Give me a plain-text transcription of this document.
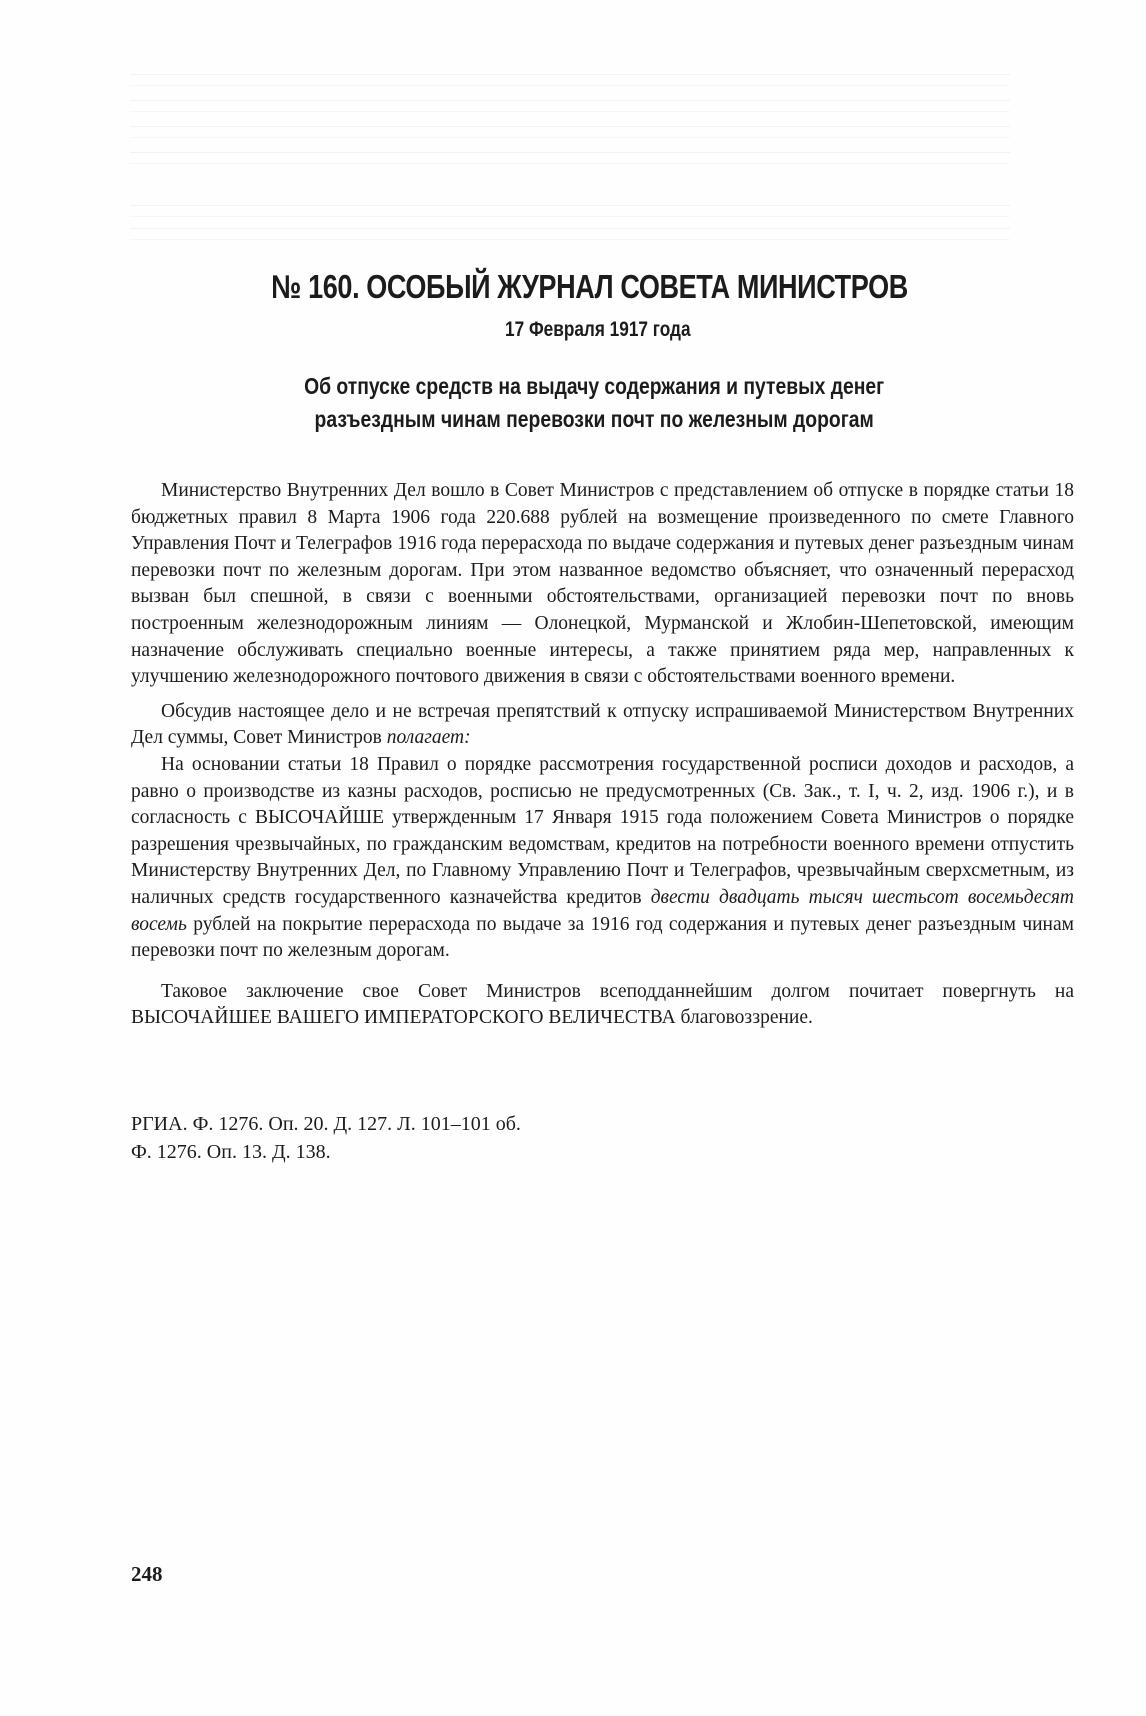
№ 160. ОСОБЫЙ ЖУРНАЛ СОВЕТА МИНИСТРОВ
17 Февраля 1917 года
Об отпуске средств на выдачу содержания и путевых денег
разъездным чинам перевозки почт по железным дорогам

Министерство Внутренних Дел вошло в Совет Министров с представлением об отпуске в порядке статьи 18 бюджетных правил 8 Марта 1906 года 220.688 рублей на возмещение произведенного по смете Главного Управления Почт и Телеграфов 1916 года перерасхода по выдаче содержания и путевых денег разъездным чинам перевозки почт по железным дорогам. При этом названное ведомство объясняет, что означенный перерасход вызван был спешной, в связи с военными обстоятельствами, организацией перевозки почт по вновь построенным железнодорожным линиям — Олонецкой, Мурманской и Жлобин-Шепетовской, имеющим назначение обслуживать специально военные интересы, а также принятием ряда мер, направленных к улучшению железнодорожного почтового движения в связи с обстоятельствами военного времени.

Обсудив настоящее дело и не встречая препятствий к отпуску испрашиваемой Министерством Внутренних Дел суммы, Совет Министров полагает:

На основании статьи 18 Правил о порядке рассмотрения государственной росписи доходов и расходов, а равно о производстве из казны расходов, росписью не предусмотренных (Св. Зак., т. I, ч. 2, изд. 1906 г.), и в согласность с ВЫСОЧАЙШЕ утвержденным 17 Января 1915 года положением Совета Министров о порядке разрешения чрезвычайных, по гражданским ведомствам, кредитов на потребности военного времени отпустить Министерству Внутренних Дел, по Главному Управлению Почт и Телеграфов, чрезвычайным сверхсметным, из наличных средств государственного казначейства кредитов двести двадцать тысяч шестьсот восемьдесят восемь рублей на покрытие перерасхода по выдаче за 1916 год содержания и путевых денег разъездным чинам перевозки почт по железным дорогам.

Таковое заключение свое Совет Министров всеподданнейшим долгом почитает повергнуть на ВЫСОЧАЙШЕЕ ВАШЕГО ИМПЕРАТОРСКОГО ВЕЛИЧЕСТВА благовоззрение.

РГИА. Ф. 1276. Оп. 20. Д. 127. Л. 101–101 об.
Ф. 1276. Оп. 13. Д. 138.
248
